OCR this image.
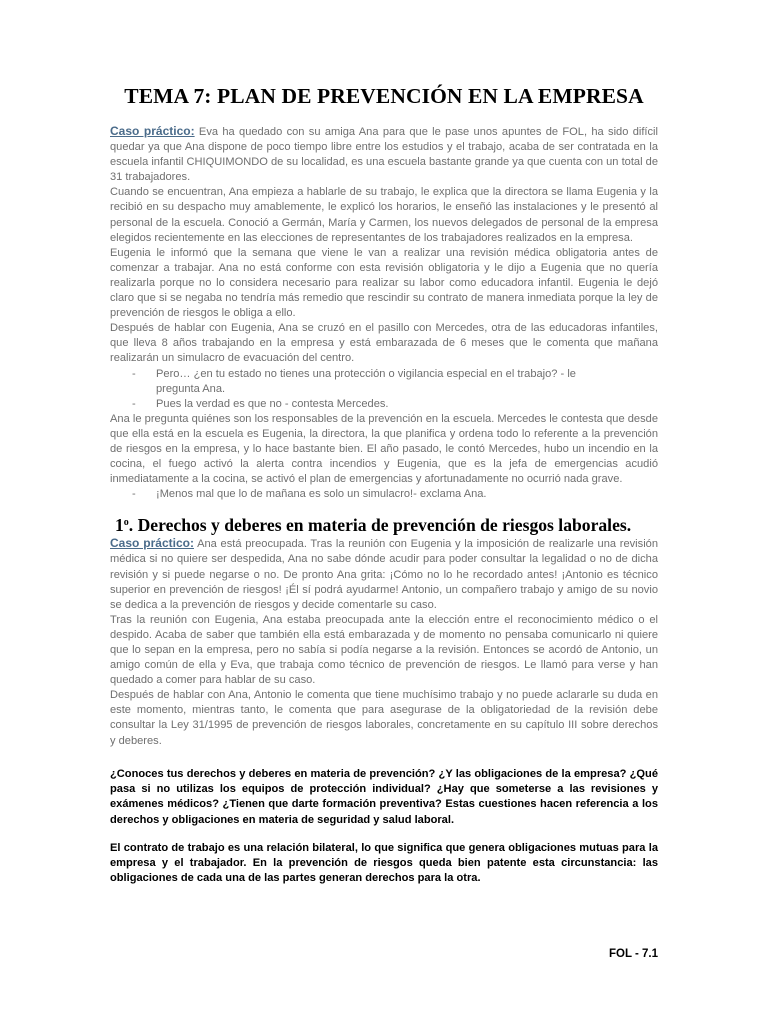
TEMA 7: PLAN DE PREVENCIÓN EN LA EMPRESA

Caso práctico: Eva ha quedado con su amiga Ana para que le pase unos apuntes de FOL, ha sido difícil quedar ya que Ana dispone de poco tiempo libre entre los estudios y el trabajo, acaba de ser contratada en la escuela infantil CHIQUIMONDO de su localidad, es una escuela bastante grande ya que cuenta con un total de 31 trabajadores.

Cuando se encuentran, Ana empieza a hablarle de su trabajo, le explica que la directora se llama Eugenia y la recibió en su despacho muy amablemente, le explicó los horarios, le enseñó las instalaciones y le presentó al personal de la escuela. Conoció a Germán, María y Carmen, los nuevos delegados de personal de la empresa elegidos recientemente en las elecciones de representantes de los trabajadores realizados en la empresa.

Eugenia le informó que la semana que viene le van a realizar una revisión médica obligatoria antes de comenzar a trabajar. Ana no está conforme con esta revisión obligatoria y le dijo a Eugenia que no quería realizarla porque no lo considera necesario para realizar su labor como educadora infantil. Eugenia le dejó claro que si se negaba no tendría más remedio que rescindir su contrato de manera inmediata porque la ley de prevención de riesgos le obliga a ello.

Después de hablar con Eugenia, Ana se cruzó en el pasillo con Mercedes, otra de las educadoras infantiles, que lleva 8 años trabajando en la empresa y está embarazada de 6 meses que le comenta que mañana realizarán un simulacro de evacuación del centro.

-	Pero… ¿en tu estado no tienes una protección o vigilancia especial en el trabajo? - le pregunta Ana.
-	Pues la verdad es que no - contesta Mercedes.

Ana le pregunta quiénes son los responsables de la prevención en la escuela. Mercedes le contesta que desde que ella está en la escuela es Eugenia, la directora, la que planifica y ordena todo lo referente a la prevención de riesgos en la empresa, y lo hace bastante bien. El año pasado, le contó Mercedes, hubo un incendio en la cocina, el fuego activó la alerta contra incendios y Eugenia, que es la jefa de emergencias acudió inmediatamente a la cocina, se activó el plan de emergencias y afortunadamente no ocurrió nada grave.

-	¡Menos mal que lo de mañana es solo un simulacro!- exclama Ana.
1$^o$. Derechos y deberes en materia de prevención de riesgos laborales.

Caso práctico: Ana está preocupada. Tras la reunión con Eugenia y la imposición de realizarle una revisión médica si no quiere ser despedida, Ana no sabe dónde acudir para poder consultar la legalidad o no de dicha revisión y si puede negarse o no. De pronto Ana grita: ¡Cómo no lo he recordado antes! ¡Antonio es técnico superior en prevención de riesgos! ¡Él sí podrá ayudarme! Antonio, un compañero trabajo y amigo de su novio se dedica a la prevención de riesgos y decide comentarle su caso.

Tras la reunión con Eugenia, Ana estaba preocupada ante la elección entre el reconocimiento médico o el despido. Acaba de saber que también ella está embarazada y de momento no pensaba comunicarlo ni quiere que lo sepan en la empresa, pero no sabía si podía negarse a la revisión. Entonces se acordó de Antonio, un amigo común de ella y Eva, que trabaja como técnico de prevención de riesgos. Le llamó para verse y han quedado a comer para hablar de su caso.

Después de hablar con Ana, Antonio le comenta que tiene muchísimo trabajo y no puede aclararle su duda en este momento, mientras tanto, le comenta que para asegurase de la obligatoriedad de la revisión debe consultar la Ley 31/1995 de prevención de riesgos laborales, concretamente en su capítulo III sobre derechos y deberes.

¿Conoces tus derechos y deberes en materia de prevención? ¿Y las obligaciones de la empresa? ¿Qué pasa si no utilizas los equipos de protección individual? ¿Hay que someterse a las revisiones y exámenes médicos? ¿Tienen que darte formación preventiva? Estas cuestiones hacen referencia a los derechos y obligaciones en materia de seguridad y salud laboral.

El contrato de trabajo es una relación bilateral, lo que significa que genera obligaciones mutuas para la empresa y el trabajador. En la prevención de riesgos queda bien patente esta circunstancia: las obligaciones de cada una de las partes generan derechos para la otra.

FOL - 7.1
